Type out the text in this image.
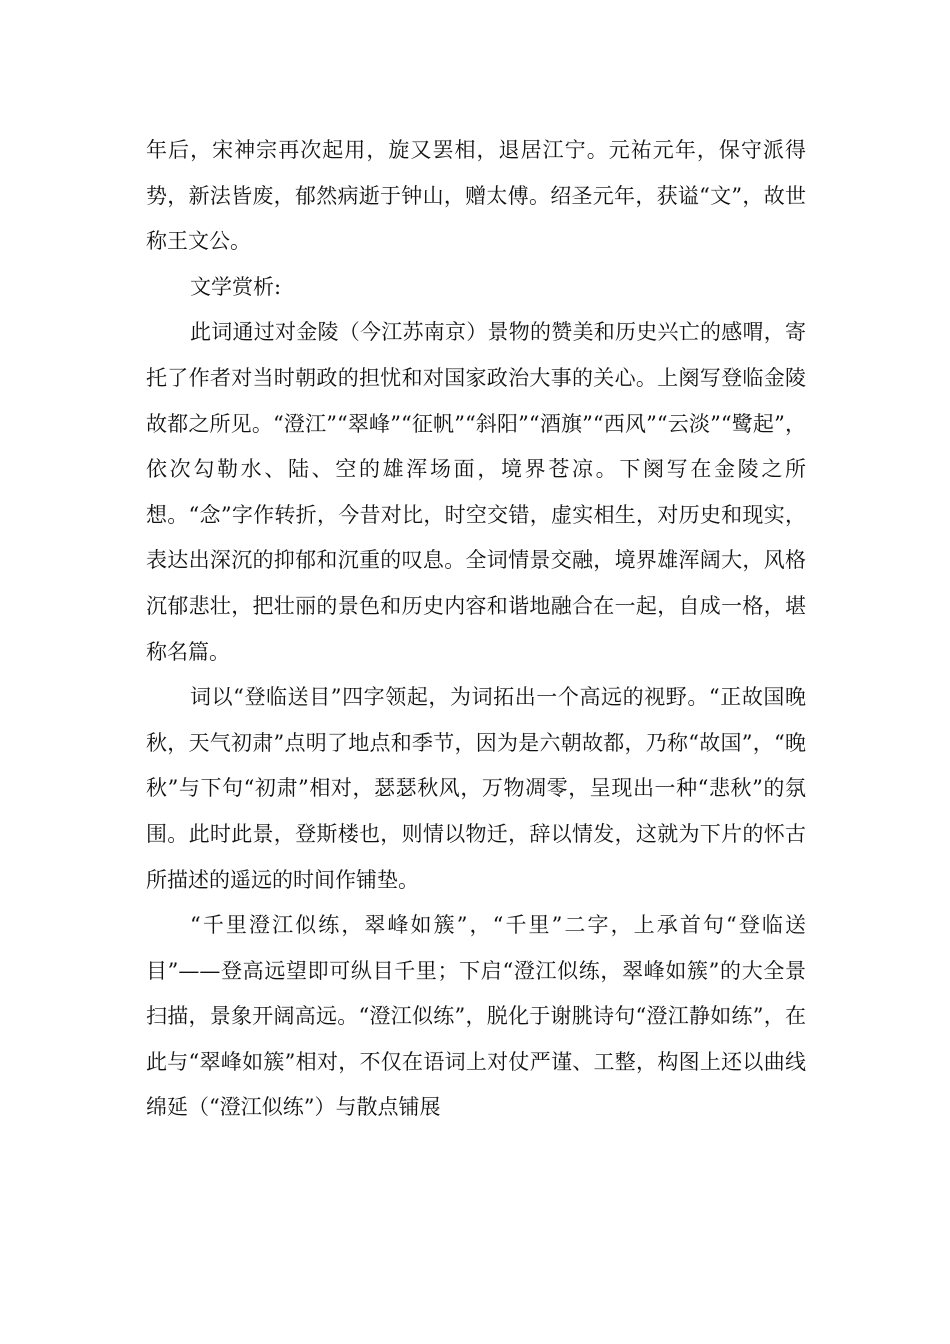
年后，宋神宗再次起用，旋又罢相，退居江宁。元祐元年，保守派得势，新法皆废，郁然病逝于钟山，赠太傅。绍圣元年，获谥“文”，故世称王文公。

文学赏析:

此词通过对金陵（今江苏南京）景物的赞美和历史兴亡的感喟，寄托了作者对当时朝政的担忧和对国家政治大事的关心。上阕写登临金陵故都之所见。“澄江”“翠峰”“征帆”“斜阳”“酒旗”“西风”“云淡”“鹭起”，依次勾勒水、陆、空的雄浑场面，境界苍凉。下阕写在金陵之所想。“念”字作转折，今昔对比，时空交错，虚实相生，对历史和现实，表达出深沉的抑郁和沉重的叹息。全词情景交融，境界雄浑阔大，风格沉郁悲壮，把壮丽的景色和历史内容和谐地融合在一起，自成一格，堪称名篇。

词以“登临送目”四字领起，为词拓出一个高远的视野。“正故国晚秋，天气初肃”点明了地点和季节，因为是六朝故都，乃称“故国”，“晚秋”与下句“初肃”相对，瑟瑟秋风，万物凋零，呈现出一种“悲秋”的氛围。此时此景，登斯楼也，则情以物迁，辞以情发，这就为下片的怀古所描述的遥远的时间作铺垫。

“千里澄江似练，翠峰如簇”，“千里”二字，上承首句“登临送目”——登高远望即可纵目千里；下启“澄江似练，翠峰如簇”的大全景扫描，景象开阔高远。“澄江似练”，脱化于谢朓诗句“澄江静如练”，在此与“翠峰如簇”相对，不仅在语词上对仗严谨、工整，构图上还以曲线绵延（“澄江似练”）与散点铺展
